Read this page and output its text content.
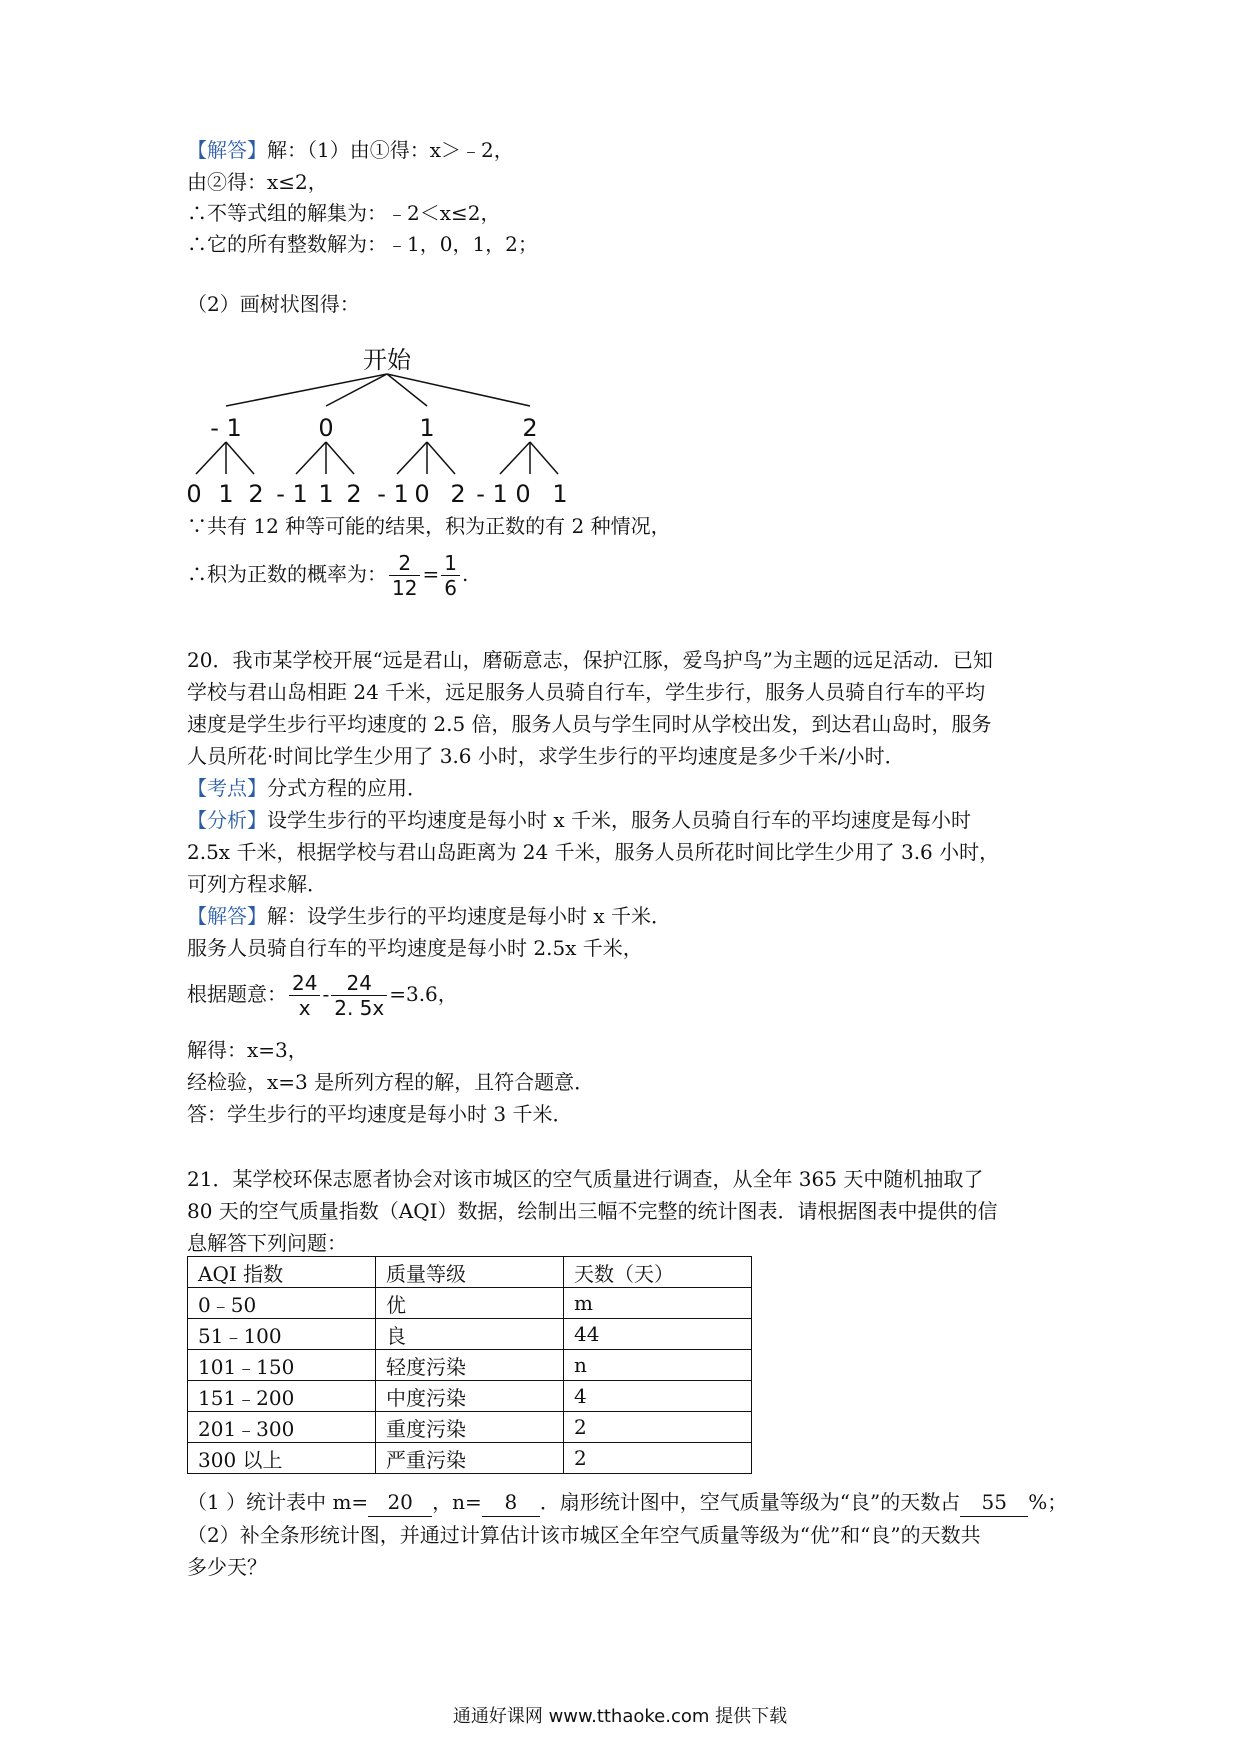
【解答】解：（1）由①得：x＞﹣2，
由②得：x≤2，
∴不等式组的解集为：﹣2＜x≤2，
∴它的所有整数解为：﹣1，0，1，2；
（2）画树状图得：
开始
- 1	0	1	2
0 1 2 - 1 1 2 - 1 0 2 - 1 0 1
∵共有 12 种等可能的结果，积为正数的有 2 种情况，
∴积为正数的概率为： $\frac{2}{12} = \frac{1}{6}$ .
20．我市某学校开展“远是君山，磨砺意志，保护江豚，爱鸟护鸟”为主题的远足活动．已知
学校与君山岛相距 24 千米，远足服务人员骑自行车，学生步行，服务人员骑自行车的平均
速度是学生步行平均速度的 2.5 倍，服务人员与学生同时从学校出发，到达君山岛时，服务
人员所花·时间比学生少用了 3.6 小时，求学生步行的平均速度是多少千米/小时．
【考点】分式方程的应用．
【分析】设学生步行的平均速度是每小时 x 千米，服务人员骑自行车的平均速度是每小时
2.5x 千米，根据学校与君山岛距离为 24 千米，服务人员所花时间比学生少用了 3.6 小时，
可列方程求解．
【解答】解：设学生步行的平均速度是每小时 x 千米．
服务人员骑自行车的平均速度是每小时 2.5x 千米，
根据题意： $\frac{24}{x} - \frac{24}{2. 5x} =3.6$，
解得：x=3，
经检验，x=3 是所列方程的解，且符合题意．
答：学生步行的平均速度是每小时 3 千米．
21．某学校环保志愿者协会对该市城区的空气质量进行调查，从全年 365 天中随机抽取了
80 天的空气质量指数（AQI）数据，绘制出三幅不完整的统计图表．请根据图表中提供的信
息解答下列问题：
AQI 指数	质量等级	天数（天）
0﹣50	优	m
51﹣100	良	44
101﹣150	轻度污染	n
151﹣200	中度污染	4
201﹣300	重度污染	2
300 以上	严重污染	2
（1 ）统计表中 m= 20 ，n= 8 ．扇形统计图中，空气质量等级为“良”的天数占 55 %；
（2）补全条形统计图，并通过计算估计该市城区全年空气质量等级为“优”和“良”的天数共
多少天？
通通好课网 www.tthaoke.com 提供下载
